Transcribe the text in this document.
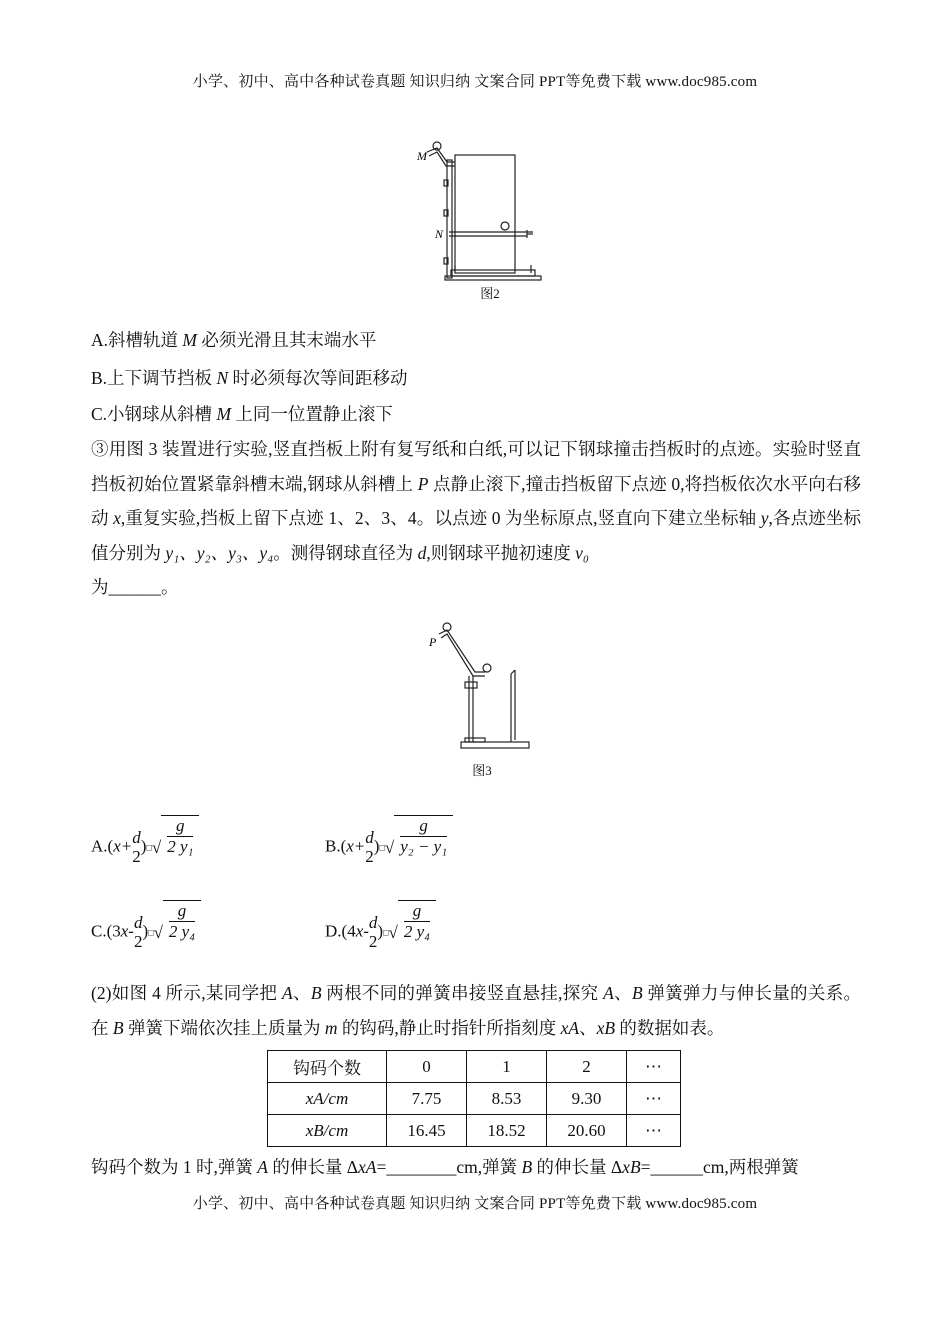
小学、初中、高中各种试卷真题 知识归纳 文案合同 PPT等免费下载 www.doc985.com
M
N
图2
A.斜槽轨道 M 必须光滑且其末端水平
B.上下调节挡板 N 时必须每次等间距移动
C.小钢球从斜槽 M 上同一位置静止滚下
③用图 3 装置进行实验,竖直挡板上附有复写纸和白纸,可以记下钢球撞击挡板时的点迹。实验时竖直挡板初始位置紧靠斜槽末端,钢球从斜槽上 P 点静止滚下,撞击挡板留下点迹 0,将挡板依次水平向右移动 x,重复实验,挡板上留下点迹 1、2、3、4。以点迹 0 为坐标原点,竖直向下建立坐标轴 y,各点迹坐标值分别为 y₁、y₂、y₃、y₄。测得钢球直径为 d,则钢球平抛初速度 v₀
为______。
P
图3
A.(x+ d
2
)□√ $\frac{g}{\text{2 y₁}}$	B.(x+ d
2
)□√ $\frac{g}{\text{y₂ − y₁}}$
C.(3x- d
2
)□√ $\frac{g}{\text{2 y₄}}$	D.(4x- d
2
)□√ $\frac{g}{\text{2 y₄}}$
(2)如图 4 所示,某同学把 A、B 两根不同的弹簧串接竖直悬挂,探究 A、B 弹簧弹力与伸长量的关系。在 B 弹簧下端依次挂上质量为 m 的钩码,静止时指针所指刻度 xA、xB 的数据如表。
钩码个数	0	1	2	⋯
xA/cm	7.75	8.53	9.30	⋯
xB/cm	16.45	18.52	20.60	⋯
钩码个数为 1 时,弹簧 A 的伸长量 ΔxA=________cm,弹簧 B 的伸长量 ΔxB=______cm,两根弹簧
小学、初中、高中各种试卷真题 知识归纳 文案合同 PPT等免费下载 www.doc985.com
